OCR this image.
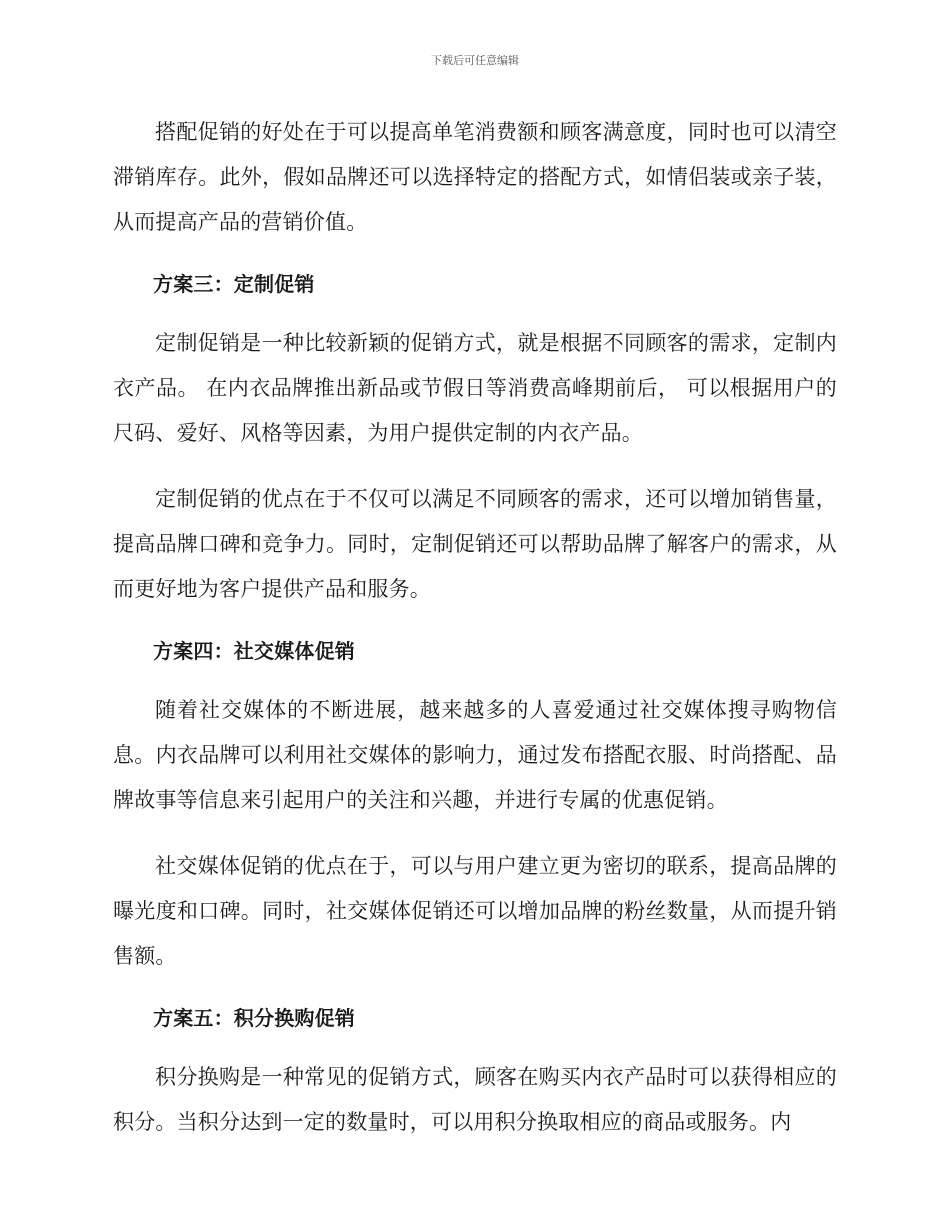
下载后可任意编辑

搭配促销的好处在于可以提高单笔消费额和顾客满意度，同时也可以清空滞销库存。此外，假如品牌还可以选择特定的搭配方式，如情侣装或亲子装，从而提高产品的营销价值。

方案三：定制促销

定制促销是一种比较新颖的促销方式，就是根据不同顾客的需求，定制内衣产品。 在内衣品牌推出新品或节假日等消费高峰期前后， 可以根据用户的尺码、爱好、风格等因素，为用户提供定制的内衣产品。

定制促销的优点在于不仅可以满足不同顾客的需求，还可以增加销售量，提高品牌口碑和竞争力。同时，定制促销还可以帮助品牌了解客户的需求，从而更好地为客户提供产品和服务。

方案四：社交媒体促销

随着社交媒体的不断进展，越来越多的人喜爱通过社交媒体搜寻购物信息。内衣品牌可以利用社交媒体的影响力，通过发布搭配衣服、时尚搭配、品牌故事等信息来引起用户的关注和兴趣，并进行专属的优惠促销。

社交媒体促销的优点在于，可以与用户建立更为密切的联系，提高品牌的曝光度和口碑。同时，社交媒体促销还可以增加品牌的粉丝数量，从而提升销售额。

方案五：积分换购促销

积分换购是一种常见的促销方式，顾客在购买内衣产品时可以获得相应的积分。当积分达到一定的数量时，可以用积分换取相应的商品或服务。内
